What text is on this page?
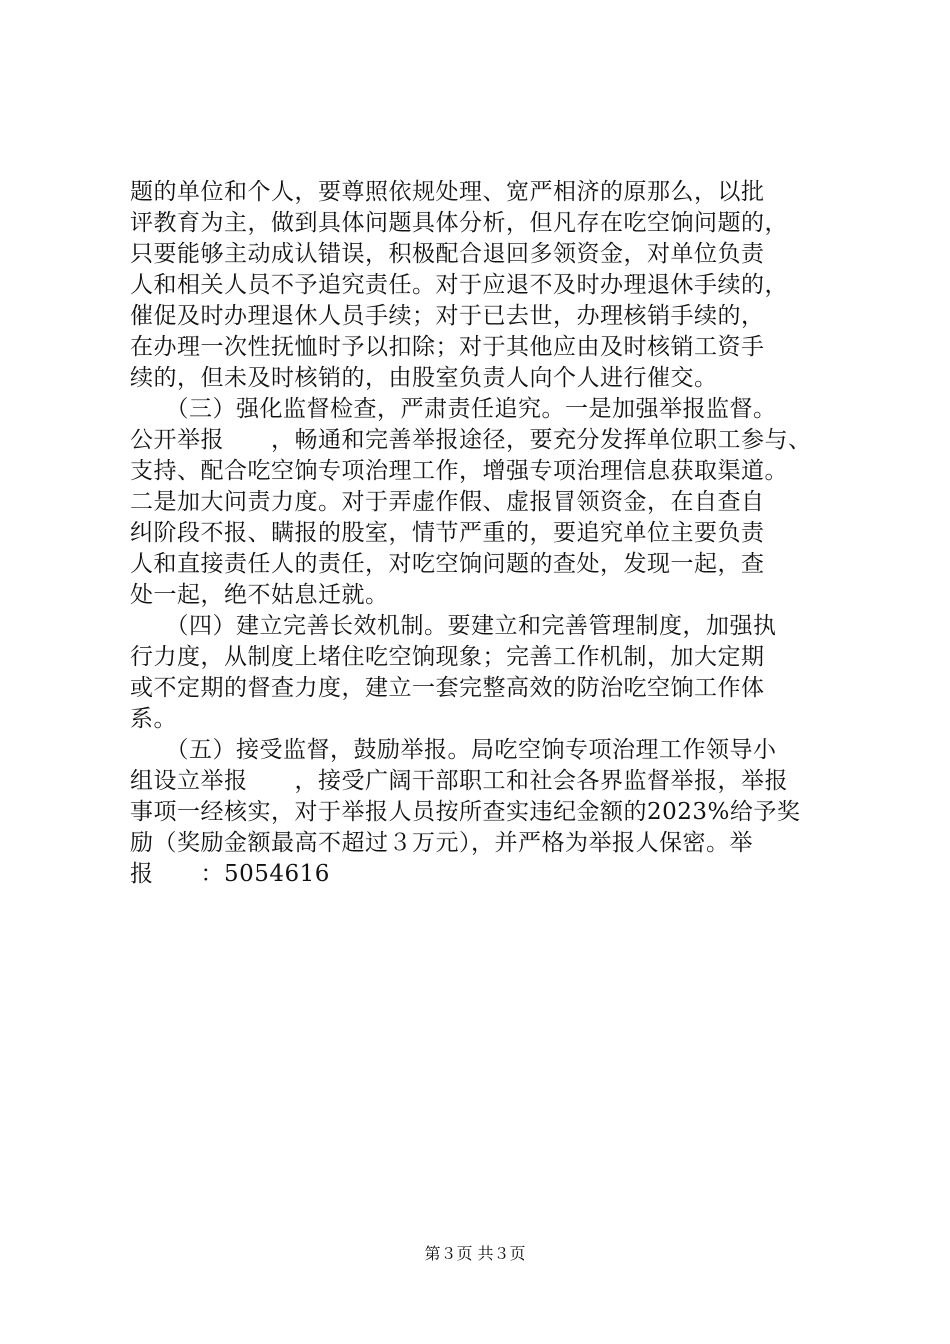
题的单位和个人，要尊照依规处理、宽严相济的原那么，以批
评教育为主，做到具体问题具体分析，但凡存在吃空饷问题的，
只要能够主动成认错误，积极配合退回多领资金，对单位负责
人和相关人员不予追究责任。对于应退不及时办理退休手续的，
催促及时办理退休人员手续；对于已去世，办理核销手续的，
在办理一次性抚恤时予以扣除；对于其他应由及时核销工资手
续的，但未及时核销的，由股室负责人向个人进行催交。
　　（三）强化监督检查，严肃责任追究。一是加强举报监督。
公开举报　　，畅通和完善举报途径，要充分发挥单位职工参与、
支持、配合吃空饷专项治理工作，增强专项治理信息获取渠道。
二是加大问责力度。对于弄虚作假、虚报冒领资金，在自查自
纠阶段不报、瞒报的股室，情节严重的，要追究单位主要负责
人和直接责任人的责任，对吃空饷问题的查处，发现一起，查
处一起，绝不姑息迁就。
　　（四）建立完善长效机制。要建立和完善管理制度，加强执
行力度，从制度上堵住吃空饷现象；完善工作机制，加大定期
或不定期的督查力度，建立一套完整高效的防治吃空饷工作体
系。
　　（五）接受监督，鼓励举报。局吃空饷专项治理工作领导小
组设立举报　　，接受广阔干部职工和社会各界监督举报，举报
事项一经核实，对于举报人员按所查实违纪金额的2023%给予奖
励（奖励金额最高不超过３万元），并严格为举报人保密。举
报　　：5054616
第３页 共３页
